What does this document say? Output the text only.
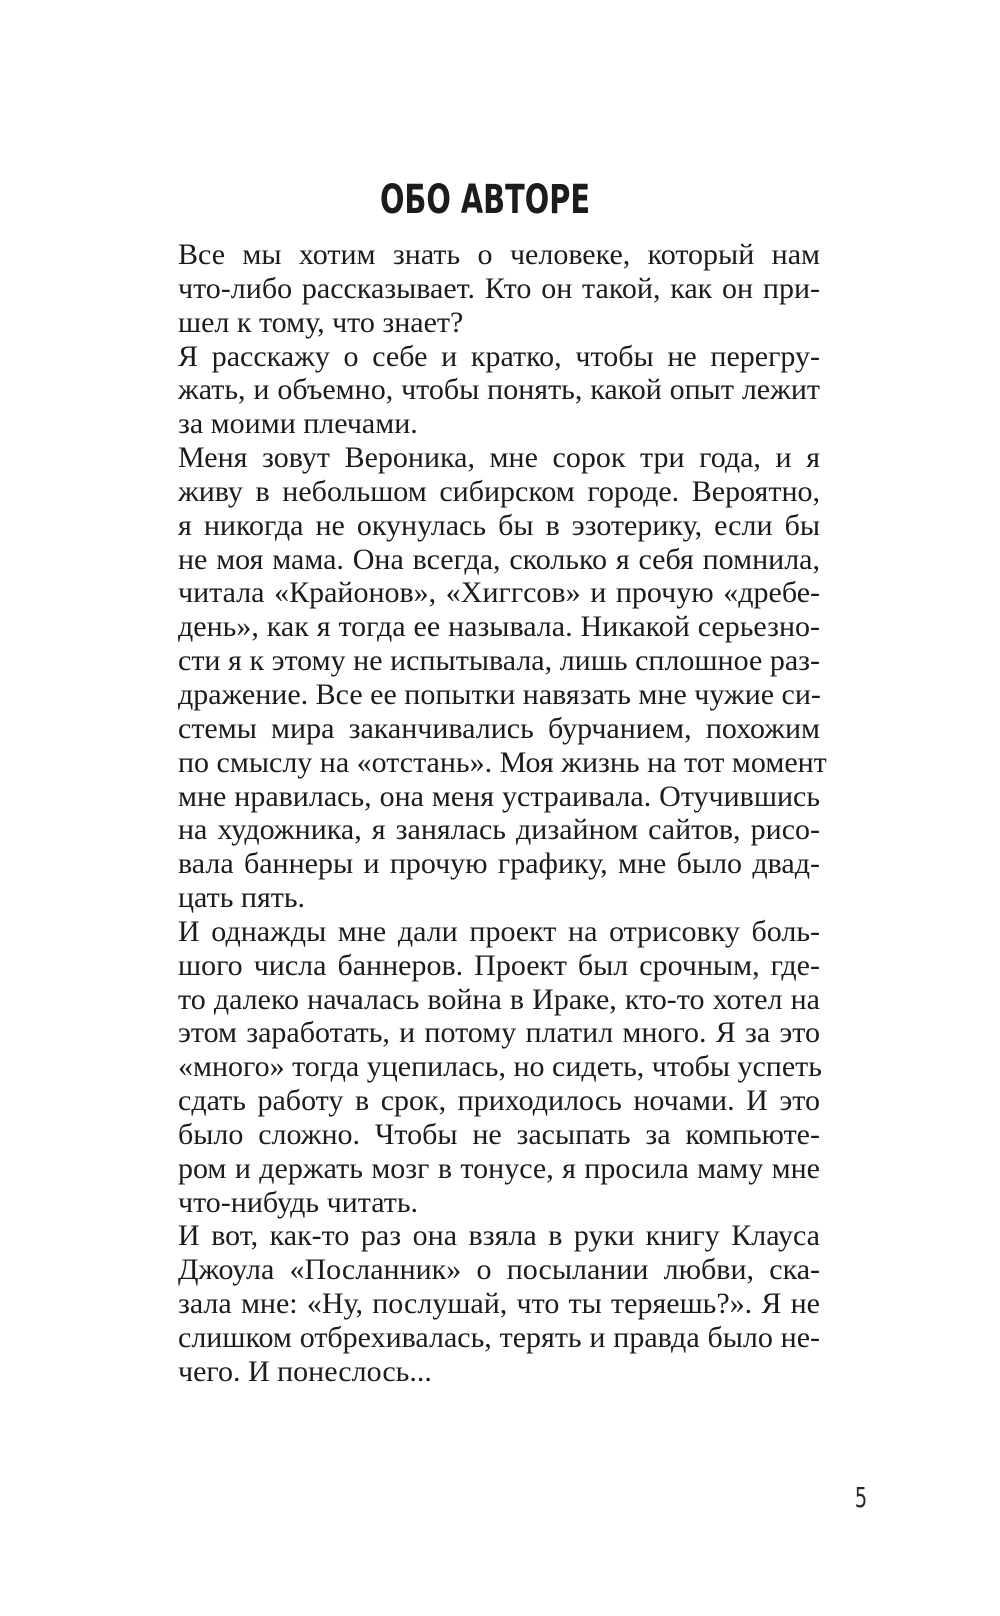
ОБО АВТОРЕ
Все мы хотим знать о человеке, который нам
что-либо рассказывает. Кто он такой, как он при-
шел к тому, что знает?
Я расскажу о себе и кратко, чтобы не перегру-
жать, и объемно, чтобы понять, какой опыт лежит
за моими плечами.
Меня зовут Вероника, мне сорок три года, и я
живу в небольшом сибирском городе. Вероятно,
я никогда не окунулась бы в эзотерику, если бы
не моя мама. Она всегда, сколько я себя помнила,
читала «Крайонов», «Хиггсов» и прочую «дребе-
день», как я тогда ее называла. Никакой серьезно-
сти я к этому не испытывала, лишь сплошное раз-
дражение. Все ее попытки навязать мне чужие си-
стемы мира заканчивались бурчанием, похожим
по смыслу на «отстань». Моя жизнь на тот момент
мне нравилась, она меня устраивала. Отучившись
на художника, я занялась дизайном сайтов, рисо-
вала баннеры и прочую графику, мне было двад-
цать пять.
И однажды мне дали проект на отрисовку боль-
шого числа баннеров. Проект был срочным, где-
то далеко началась война в Ираке, кто-то хотел на
этом заработать, и потому платил много. Я за это
«много» тогда уцепилась, но сидеть, чтобы успеть
сдать работу в срок, приходилось ночами. И это
было сложно. Чтобы не засыпать за компьюте-
ром и держать мозг в тонусе, я просила маму мне
что-нибудь читать.
И вот, как-то раз она взяла в руки книгу Клауса
Джоула «Посланник» о посылании любви, ска-
зала мне: «Ну, послушай, что ты теряешь?». Я не
слишком отбрехивалась, терять и правда было не-
чего. И понеслось...
5
